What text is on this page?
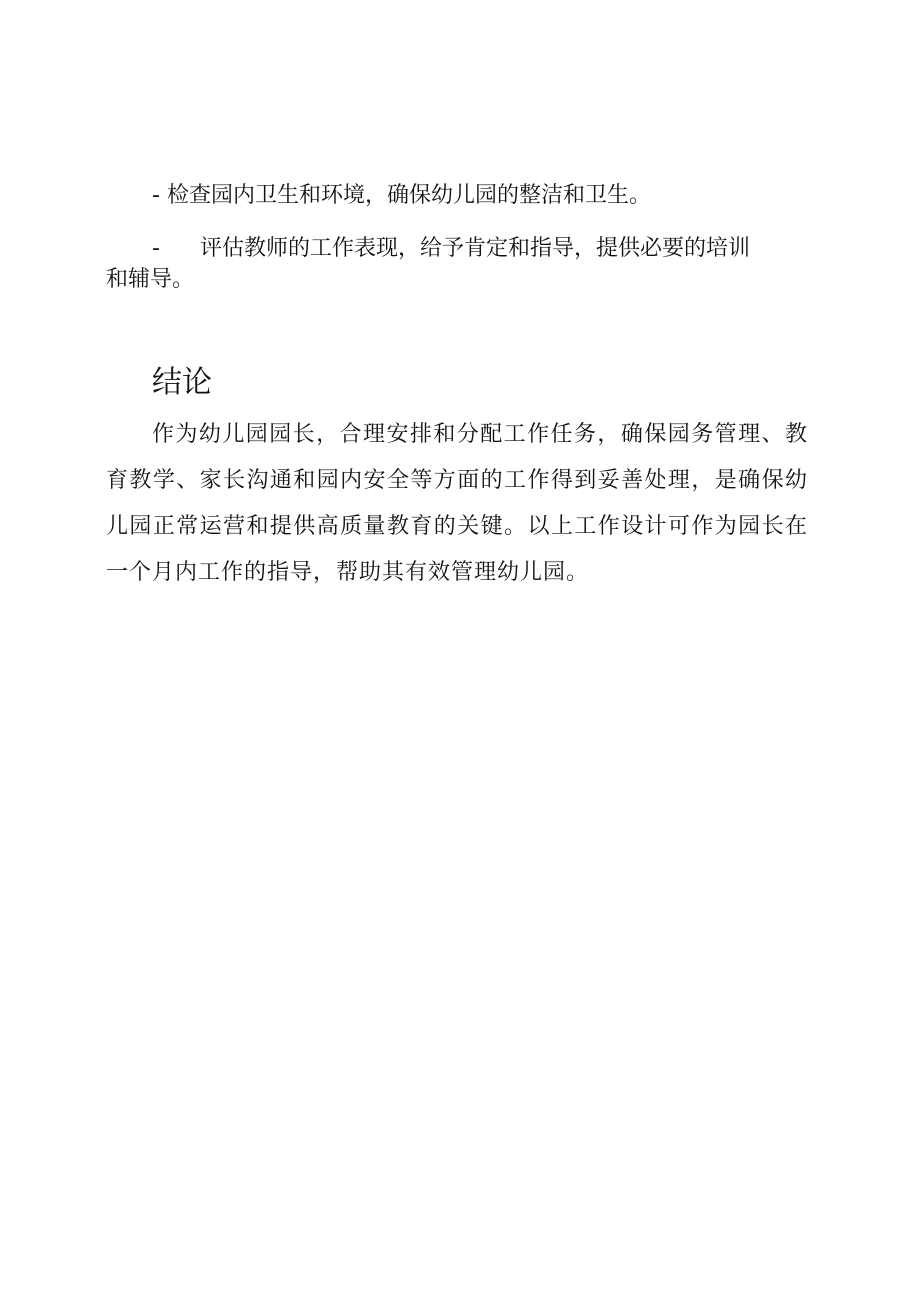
- 检查园内卫生和环境，确保幼儿园的整洁和卫生。
- 评估教师的工作表现，给予肯定和指导，提供必要的培训
和辅导。
结论

作为幼儿园园长，合理安排和分配工作任务，确保园务管理、教育教学、家长沟通和园内安全等方面的工作得到妥善处理，是确保幼儿园正常运营和提供高质量教育的关键。以上工作设计可作为园长在一个月内工作的指导，帮助其有效管理幼儿园。
